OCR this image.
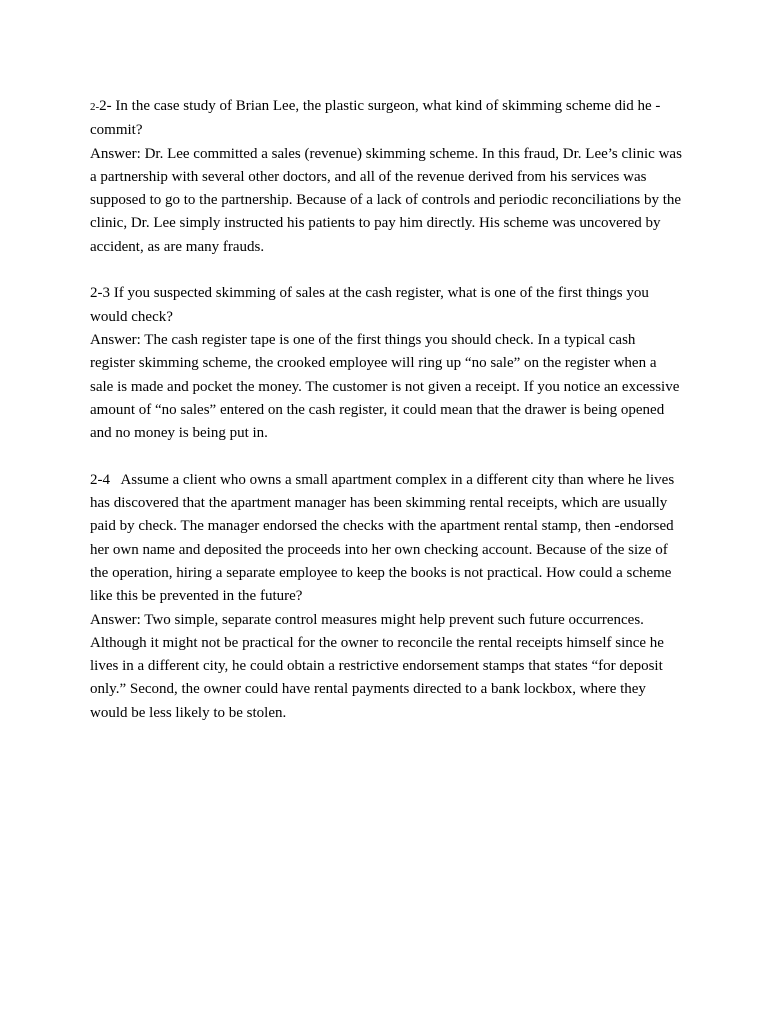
2-2- In the case study of Brian Lee, the plastic surgeon, what kind of skimming scheme did he -commit?

Answer: Dr. Lee committed a sales (revenue) skimming scheme. In this fraud, Dr. Lee’s clinic was a partnership with several other doctors, and all of the revenue derived from his services was supposed to go to the partnership. Because of a lack of controls and periodic reconciliations by the clinic, Dr. Lee simply instructed his patients to pay him directly. His scheme was uncovered by accident, as are many frauds.

2-3 If you suspected skimming of sales at the cash register, what is one of the first things you would check?

Answer: The cash register tape is one of the first things you should check. In a typical cash register skimming scheme, the crooked employee will ring up “no sale” on the register when a sale is made and pocket the money. The customer is not given a receipt. If you notice an excessive amount of “no sales” entered on the cash register, it could mean that the drawer is being opened and no money is being put in.

2-4 Assume a client who owns a small apartment complex in a different city than where he lives has discovered that the apartment manager has been skimming rental receipts, which are usually paid by check. The manager endorsed the checks with the apartment rental stamp, then -endorsed her own name and deposited the proceeds into her own checking account. Because of the size of the operation, hiring a separate employee to keep the books is not practical. How could a scheme like this be prevented in the future?

Answer: Two simple, separate control measures might help prevent such future occurrences. Although it might not be practical for the owner to reconcile the rental receipts himself since he lives in a different city, he could obtain a restrictive endorsement stamps that states “for deposit only.” Second, the owner could have rental payments directed to a bank lockbox, where they would be less likely to be stolen.
